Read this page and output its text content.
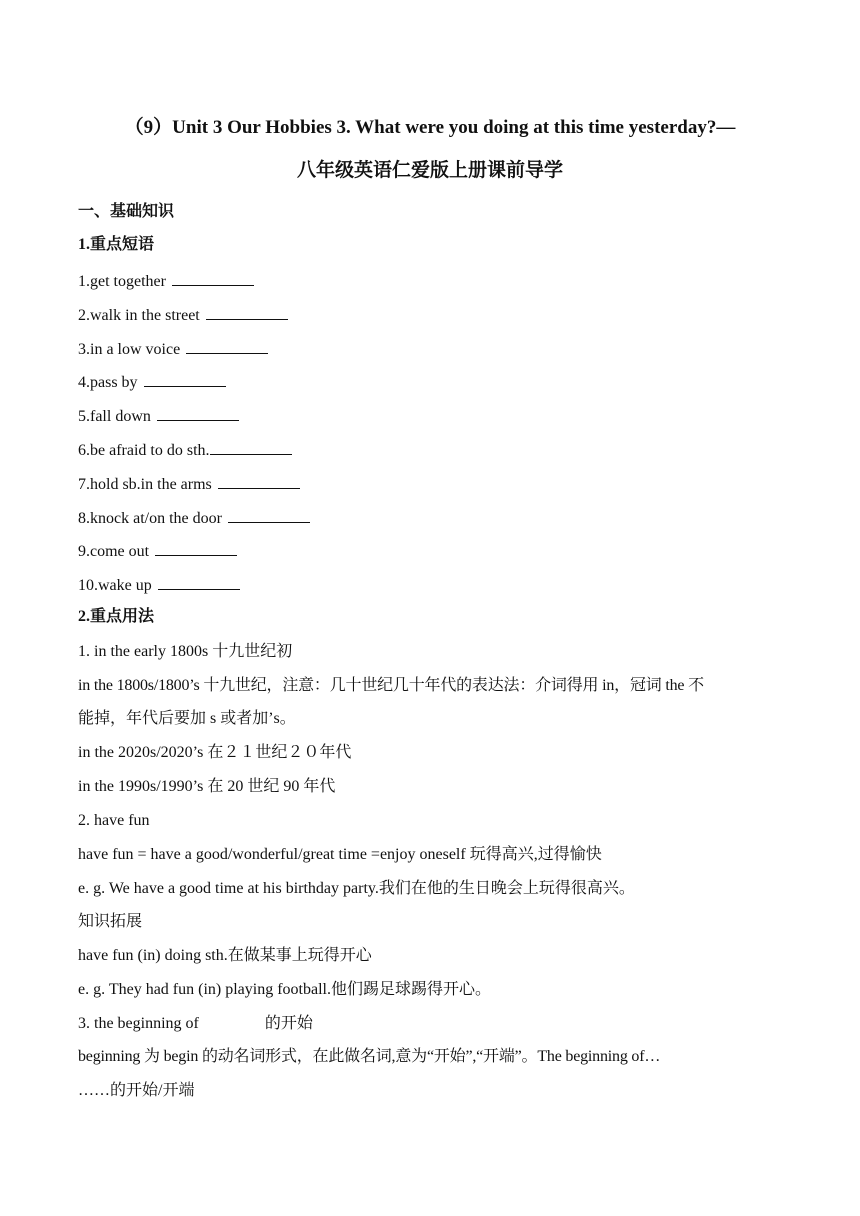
（9）Unit 3 Our Hobbies 3. What were you doing at this time yesterday?—
八年级英语仁爱版上册课前导学
一、基础知识
1.重点短语
1.get together
2.walk in the street
3.in a low voice
4.pass by
5.fall down
6.be afraid to do sth.
7.hold sb.in the arms
8.knock at/on the door
9.come out
10.wake up
2.重点用法
1. in the early 1800s 十九世纪初
in the 1800s/1800’s 十九世纪，注意：几十世纪几十年代的表达法：介词得用 in，冠词 the 不
能掉，年代后要加 s 或者加’s。
in the 2020s/2020’s 在２１世纪２０年代
in the 1990s/1990’s 在 20 世纪 90 年代
2. have fun
have fun = have a good/wonderful/great time =enjoy oneself 玩得高兴,过得愉快
e. g. We have a good time at his birthday party.我们在他的生日晚会上玩得很高兴。
知识拓展
have fun (in) doing sth.在做某事上玩得开心
e. g. They had fun (in) playing football.他们踢足球踢得开心。
3. the beginning of	的开始
beginning 为 begin 的动名词形式，在此做名词,意为“开始”,“开端”。The beginning of…
……的开始/开端
